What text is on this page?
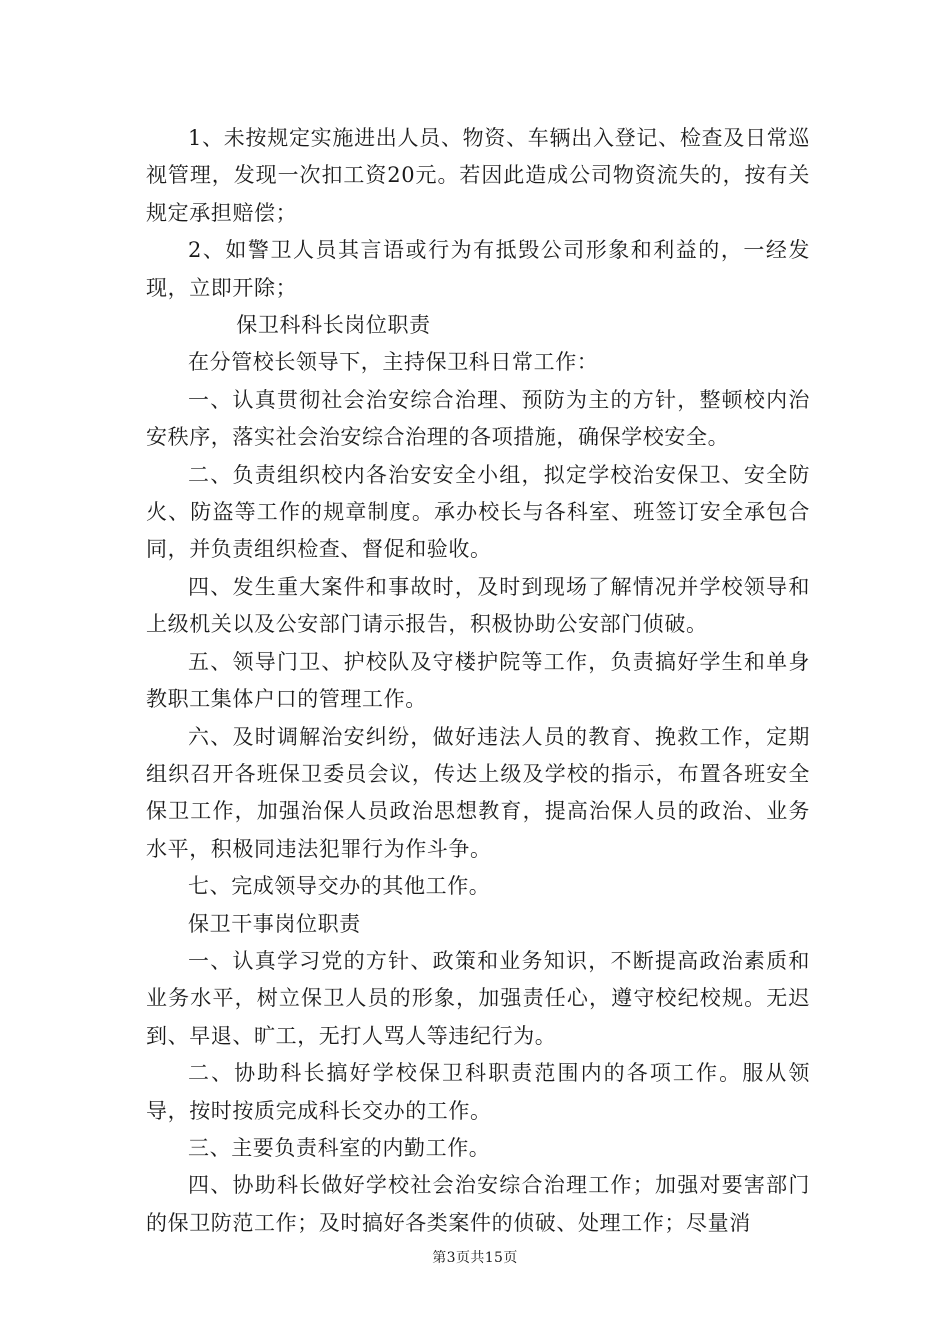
1、未按规定实施进出人员、物资、车辆出入登记、检查及日常巡视管理，发现一次扣工资20元。若因此造成公司物资流失的，按有关规定承担赔偿；

2、如警卫人员其言语或行为有抵毁公司形象和利益的，一经发现，立即开除；

保卫科科长岗位职责

在分管校长领导下，主持保卫科日常工作：

一、认真贯彻社会治安综合治理、预防为主的方针，整顿校内治安秩序，落实社会治安综合治理的各项措施，确保学校安全。

二、负责组织校内各治安安全小组，拟定学校治安保卫、安全防火、防盗等工作的规章制度。承办校长与各科室、班签订安全承包合同，并负责组织检查、督促和验收。

四、发生重大案件和事故时，及时到现场了解情况并学校领导和上级机关以及公安部门请示报告，积极协助公安部门侦破。

五、领导门卫、护校队及守楼护院等工作，负责搞好学生和单身教职工集体户口的管理工作。

六、及时调解治安纠纷，做好违法人员的教育、挽救工作，定期组织召开各班保卫委员会议，传达上级及学校的指示，布置各班安全保卫工作，加强治保人员政治思想教育，提高治保人员的政治、业务水平，积极同违法犯罪行为作斗争。

七、完成领导交办的其他工作。

保卫干事岗位职责

一、认真学习党的方针、政策和业务知识，不断提高政治素质和业务水平，树立保卫人员的形象，加强责任心，遵守校纪校规。无迟到、早退、旷工，无打人骂人等违纪行为。

二、协助科长搞好学校保卫科职责范围内的各项工作。服从领导，按时按质完成科长交办的工作。

三、主要负责科室的内勤工作。

四、协助科长做好学校社会治安综合治理工作；加强对要害部门的保卫防范工作；及时搞好各类案件的侦破、处理工作；尽量消

第3页共15页
